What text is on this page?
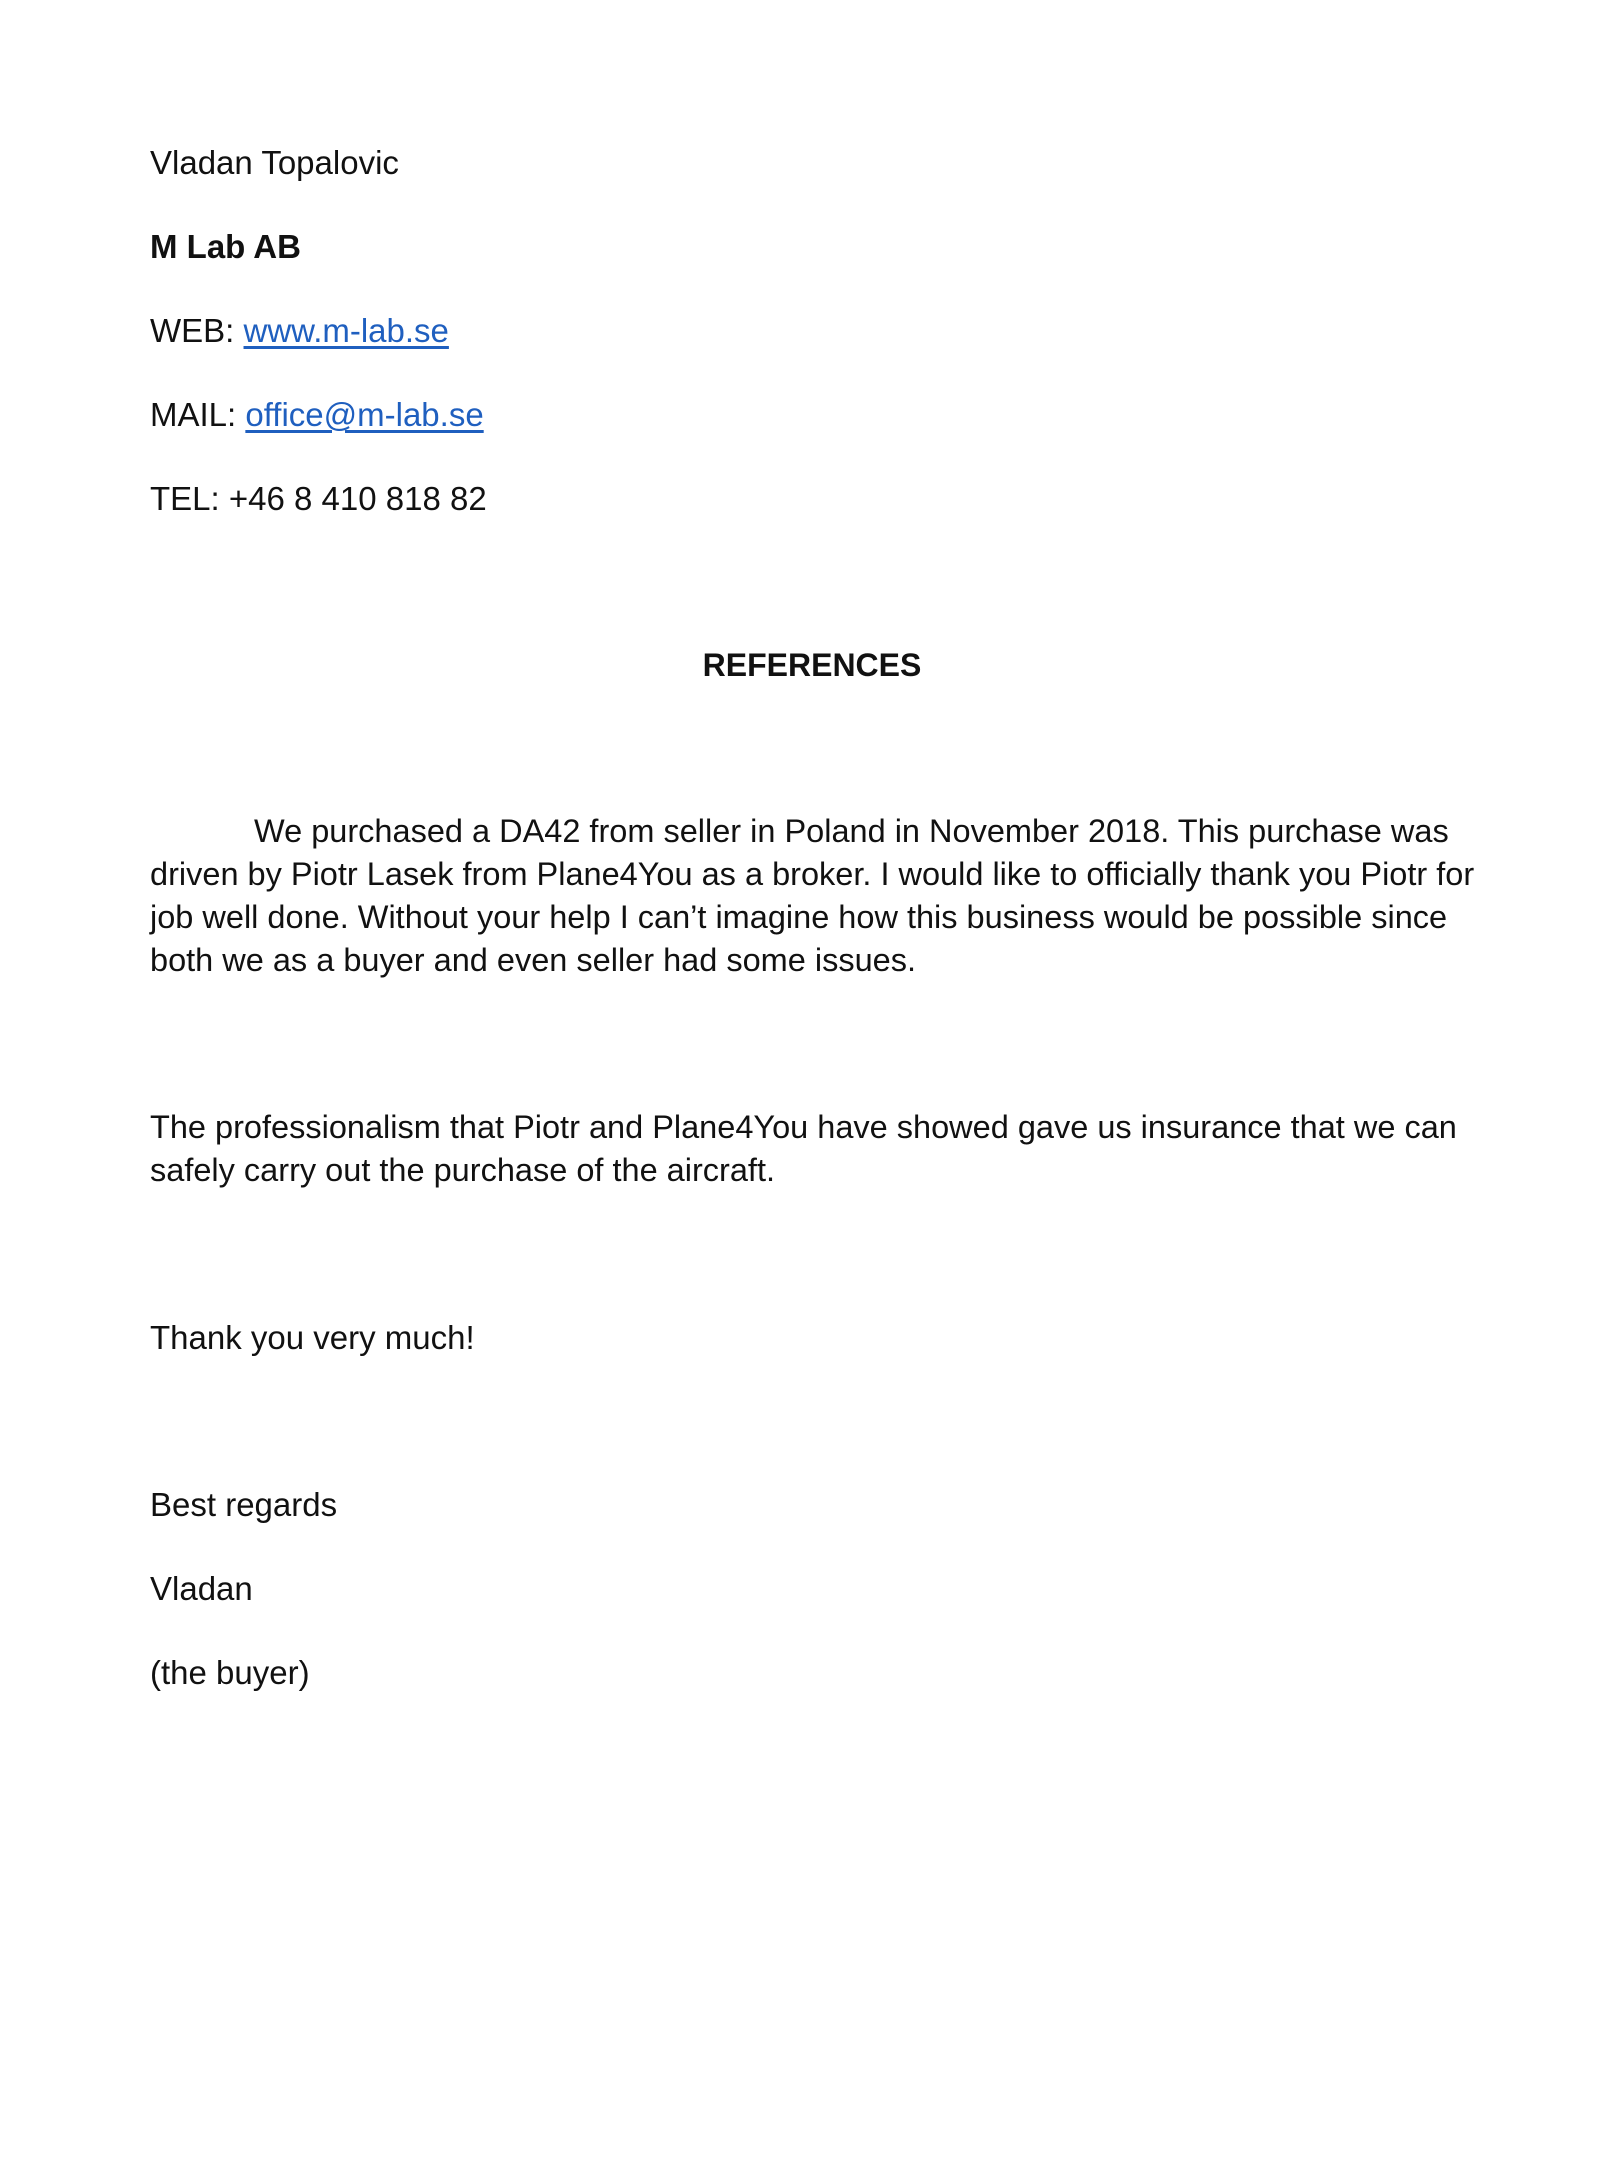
Vladan Topalovic
M Lab AB
WEB: www.m-lab.se
MAIL: office@m-lab.se
TEL: +46 8 410 818 82
REFERENCES
We purchased a DA42 from seller in Poland in November 2018. This purchase was driven by Piotr Lasek from Plane4You as a broker. I would like to officially thank you Piotr for job well done. Without your help I can’t imagine how this business would be possible since both we as a buyer and even seller had some issues.
The professionalism that Piotr and Plane4You have showed gave us insurance that we can safely carry out the purchase of the aircraft.
Thank you very much!
Best regards
Vladan
(the buyer)
